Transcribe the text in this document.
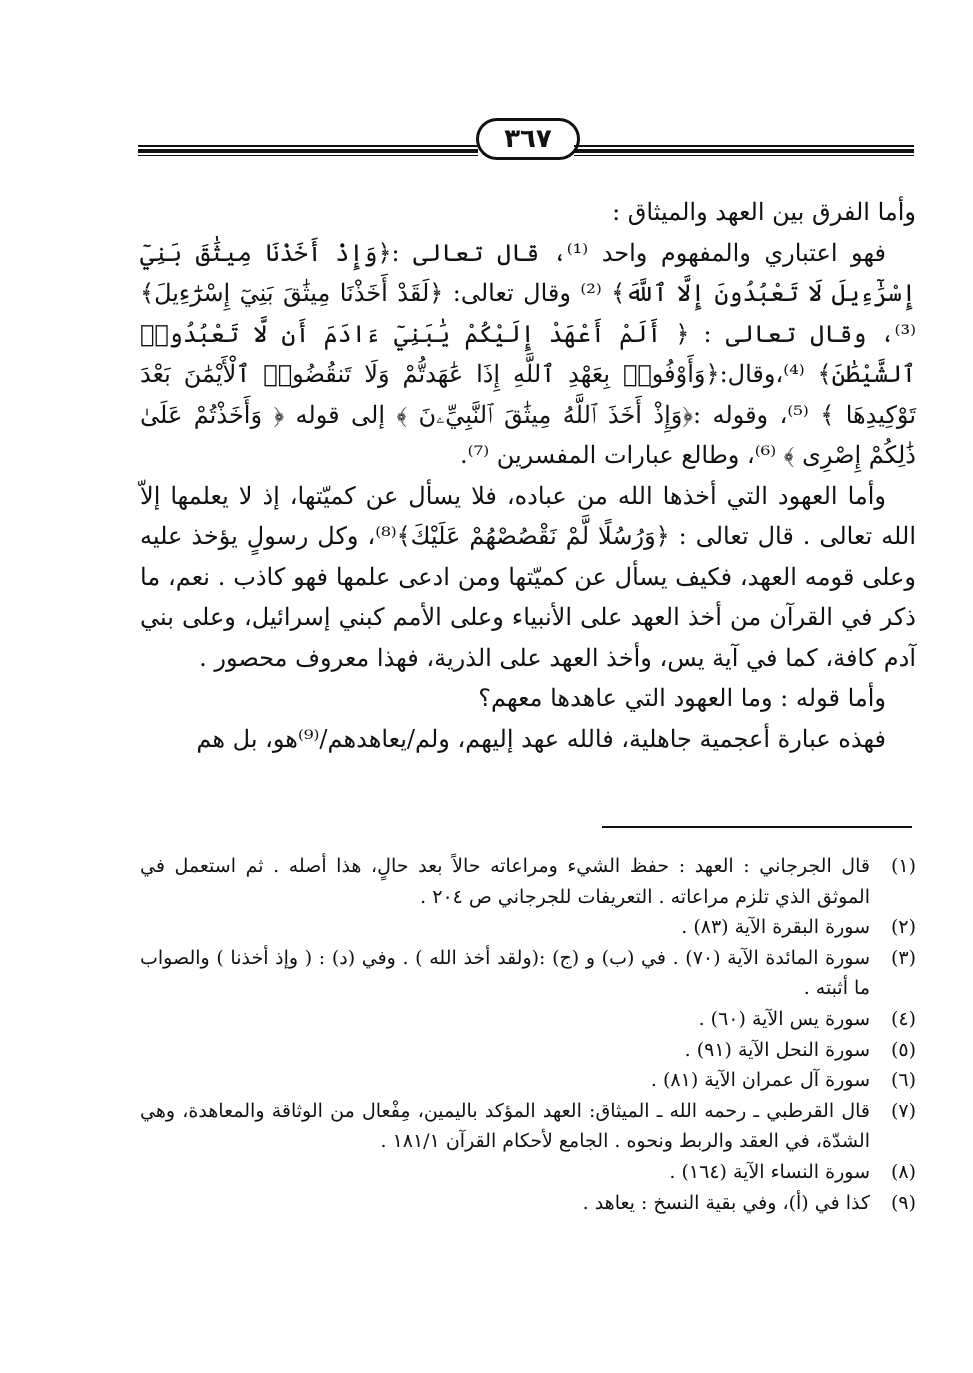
٣٦٧

وأما الفرق بين العهد والميثاق :

فهو اعتباري والمفهوم واحد ⁽¹⁾، قال تعالى :﴿وَإِذْ أَخَذْنَا مِيثَٰقَ بَنِيٓ إِسْرَٰٓءِيلَ لَا تَعْبُدُونَ إِلَّا ٱللَّهَ﴾ ⁽²⁾ وقال تعالى: ﴿لَقَدْ أَخَذْنَا مِيثَٰقَ بَنِيٓ إِسْرَٰٓءِيلَ﴾ ⁽³⁾، وقال تعالى : ﴿ أَلَمْ أَعْهَدْ إِلَيْكُمْ يَٰبَنِيٓ ءَادَمَ أَن لَّا تَعْبُدُوا۟ ٱلشَّيْطَٰنَ﴾ ⁽⁴⁾،وقال:﴿وَأَوْفُوا۟ بِعَهْدِ ٱللَّهِ إِذَا عَٰهَدتُّمْ وَلَا تَنقُضُوا۟ ٱلْأَيْمَٰنَ بَعْدَ تَوْكِيدِهَا ﴾ ⁽⁵⁾، وقوله :﴿وَإِذْ أَخَذَ ٱللَّهُ مِيثَٰقَ ٱلنَّبِيِّۦنَ ﴾ إلى قوله ﴿ وَأَخَذْتُمْ عَلَىٰ ذَٰلِكُمْ إِصْرِى ﴾ ⁽⁶⁾، وطالع عبارات المفسرين ⁽⁷⁾.

وأما العهود التي أخذها الله من عباده، فلا يسأل عن كميّتها، إذ لا يعلمها إلاّ الله تعالى . قال تعالى : ﴿وَرُسُلًا لَّمْ نَقْصُصْهُمْ عَلَيْكَ﴾⁽⁸⁾، وكل رسولٍ يؤخذ عليه وعلى قومه العهد، فكيف يسأل عن كميّتها ومن ادعى علمها فهو كاذب . نعم، ما ذكر في القرآن من أخذ العهد على الأنبياء وعلى الأمم كبني إسرائيل، وعلى بني آدم كافة، كما في آية يس، وأخذ العهد على الذرية، فهذا معروف محصور .

وأما قوله : وما العهود التي عاهدها معهم؟

فهذه عبارة أعجمية جاهلية، فالله عهد إليهم، ولم/يعاهدهم/⁽⁹⁾هو، بل هم

(١)
قال الجرجاني : العهد : حفظ الشيء ومراعاته حالاً بعد حالٍ، هذا أصله . ثم استعمل في الموثق الذي تلزم مراعاته . التعريفات للجرجاني ص ٢٠٤ .

(٢)
سورة البقرة الآية (٨٣) .

(٣)
سورة المائدة الآية (٧٠) . في (ب) و (ج) :(ولقد أخذ الله ) . وفي (د) : ( وإذ أخذنا ) والصواب ما أثبته .

(٤)
سورة يس الآية (٦٠) .

(٥)
سورة النحل الآية (٩١) .

(٦)
سورة آل عمران الآية (٨١) .

(٧)
قال القرطبي ـ رحمه الله ـ الميثاق: العهد المؤكد باليمين، مِفْعال من الوثاقة والمعاهدة، وهي الشدّة، في العقد والربط ونحوه . الجامع لأحكام القرآن ١٨١/١ .

(٨)
سورة النساء الآية (١٦٤) .

(٩)
كذا في (أ)، وفي بقية النسخ : يعاهد .
